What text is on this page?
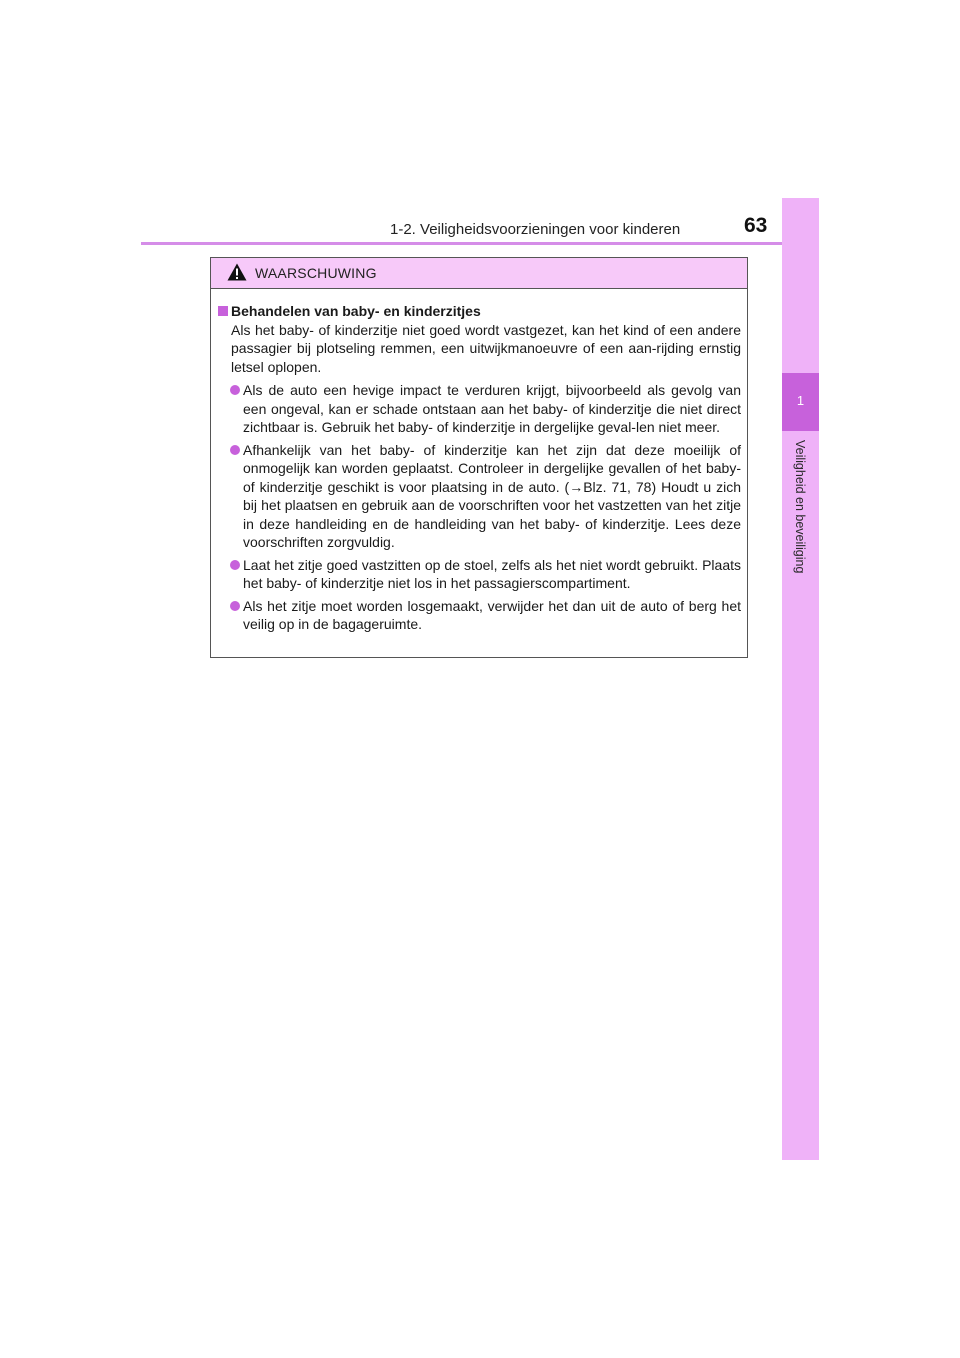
1-2. Veiligheidsvoorzieningen voor kinderen	63
1
Veiligheid en beveiliging
WAARSCHUWING
Behandelen van baby- en kinderzitjes
Als het baby- of kinderzitje niet goed wordt vastgezet, kan het kind of een andere passagier bij plotseling remmen, een uitwijkmanoeuvre of een aan-rijding ernstig letsel oplopen.
Als de auto een hevige impact te verduren krijgt, bijvoorbeeld als gevolg van een ongeval, kan er schade ontstaan aan het baby- of kinderzitje die niet direct zichtbaar is. Gebruik het baby- of kinderzitje in dergelijke geval-len niet meer.
Afhankelijk van het baby- of kinderzitje kan het zijn dat deze moeilijk of onmogelijk kan worden geplaatst. Controleer in dergelijke gevallen of het baby- of kinderzitje geschikt is voor plaatsing in de auto. (→Blz. 71, 78) Houdt u zich bij het plaatsen en gebruik aan de voorschriften voor het vastzetten van het zitje in deze handleiding en de handleiding van het baby- of kinderzitje. Lees deze voorschriften zorgvuldig.
Laat het zitje goed vastzitten op de stoel, zelfs als het niet wordt gebruikt. Plaats het baby- of kinderzitje niet los in het passagierscompartiment.
Als het zitje moet worden losgemaakt, verwijder het dan uit de auto of berg het veilig op in de bagageruimte.
